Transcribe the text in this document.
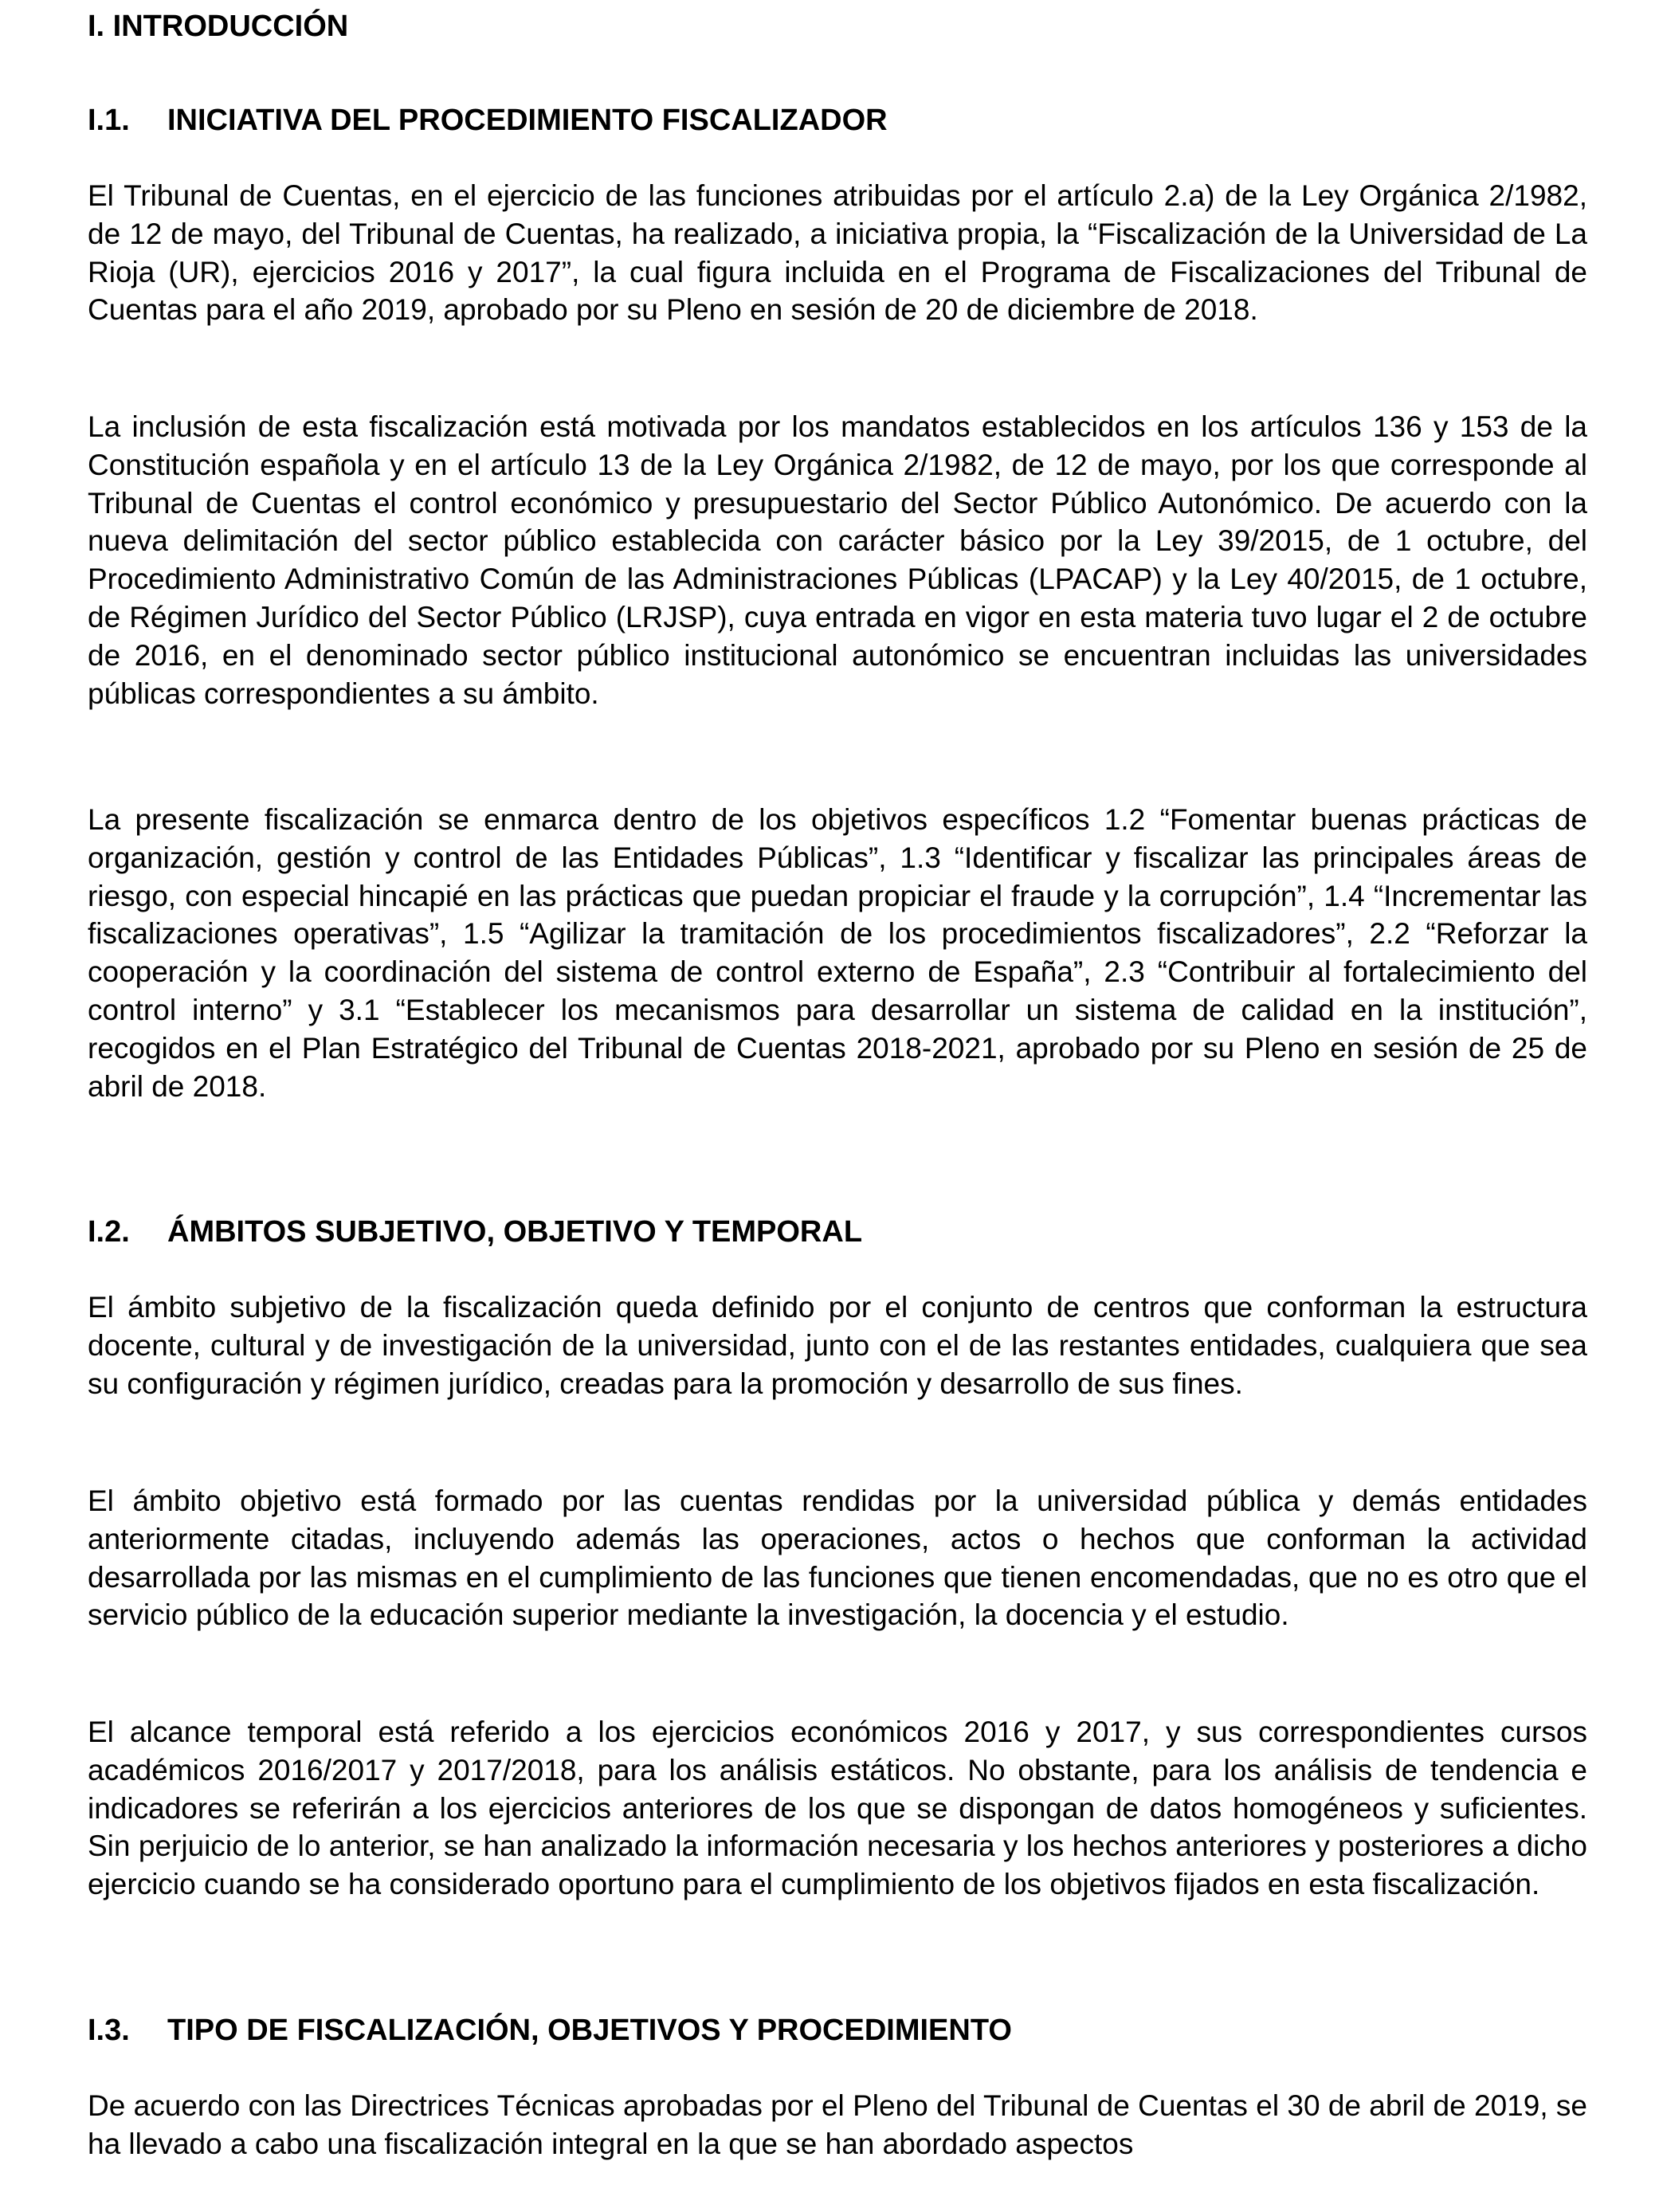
I. INTRODUCCIÓN
I.1. INICIATIVA DEL PROCEDIMIENTO FISCALIZADOR

El Tribunal de Cuentas, en el ejercicio de las funciones atribuidas por el artículo 2.a) de la Ley Orgánica 2/1982, de 12 de mayo, del Tribunal de Cuentas, ha realizado, a iniciativa propia, la “Fiscalización de la Universidad de La Rioja (UR), ejercicios 2016 y 2017”, la cual figura incluida en el Programa de Fiscalizaciones del Tribunal de Cuentas para el año 2019, aprobado por su Pleno en sesión de 20 de diciembre de 2018.

La inclusión de esta fiscalización está motivada por los mandatos establecidos en los artículos 136 y 153 de la Constitución española y en el artículo 13 de la Ley Orgánica 2/1982, de 12 de mayo, por los que corresponde al Tribunal de Cuentas el control económico y presupuestario del Sector Público Autonómico. De acuerdo con la nueva delimitación del sector público establecida con carácter básico por la Ley 39/2015, de 1 octubre, del Procedimiento Administrativo Común de las Administraciones Públicas (LPACAP) y la Ley 40/2015, de 1 octubre, de Régimen Jurídico del Sector Público (LRJSP), cuya entrada en vigor en esta materia tuvo lugar el 2 de octubre de 2016, en el denominado sector público institucional autonómico se encuentran incluidas las universidades públicas correspondientes a su ámbito.

La presente fiscalización se enmarca dentro de los objetivos específicos 1.2 “Fomentar buenas prácticas de organización, gestión y control de las Entidades Públicas”, 1.3 “Identificar y fiscalizar las principales áreas de riesgo, con especial hincapié en las prácticas que puedan propiciar el fraude y la corrupción”, 1.4 “Incrementar las fiscalizaciones operativas”, 1.5 “Agilizar la tramitación de los procedimientos fiscalizadores”, 2.2 “Reforzar la cooperación y la coordinación del sistema de control externo de España”, 2.3 “Contribuir al fortalecimiento del control interno” y 3.1 “Establecer los mecanismos para desarrollar un sistema de calidad en la institución”, recogidos en el Plan Estratégico del Tribunal de Cuentas 2018-2021, aprobado por su Pleno en sesión de 25 de abril de 2018.

I.2. ÁMBITOS SUBJETIVO, OBJETIVO Y TEMPORAL

El ámbito subjetivo de la fiscalización queda definido por el conjunto de centros que conforman la estructura docente, cultural y de investigación de la universidad, junto con el de las restantes entidades, cualquiera que sea su configuración y régimen jurídico, creadas para la promoción y desarrollo de sus fines.

El ámbito objetivo está formado por las cuentas rendidas por la universidad pública y demás entidades anteriormente citadas, incluyendo además las operaciones, actos o hechos que conforman la actividad desarrollada por las mismas en el cumplimiento de las funciones que tienen encomendadas, que no es otro que el servicio público de la educación superior mediante la investigación, la docencia y el estudio.

El alcance temporal está referido a los ejercicios económicos 2016 y 2017, y sus correspondientes cursos académicos 2016/2017 y 2017/2018, para los análisis estáticos. No obstante, para los análisis de tendencia e indicadores se referirán a los ejercicios anteriores de los que se dispongan de datos homogéneos y suficientes. Sin perjuicio de lo anterior, se han analizado la información necesaria y los hechos anteriores y posteriores a dicho ejercicio cuando se ha considerado oportuno para el cumplimiento de los objetivos fijados en esta fiscalización.

I.3. TIPO DE FISCALIZACIÓN, OBJETIVOS Y PROCEDIMIENTO

De acuerdo con las Directrices Técnicas aprobadas por el Pleno del Tribunal de Cuentas el 30 de abril de 2019, se ha llevado a cabo una fiscalización integral en la que se han abordado aspectos
